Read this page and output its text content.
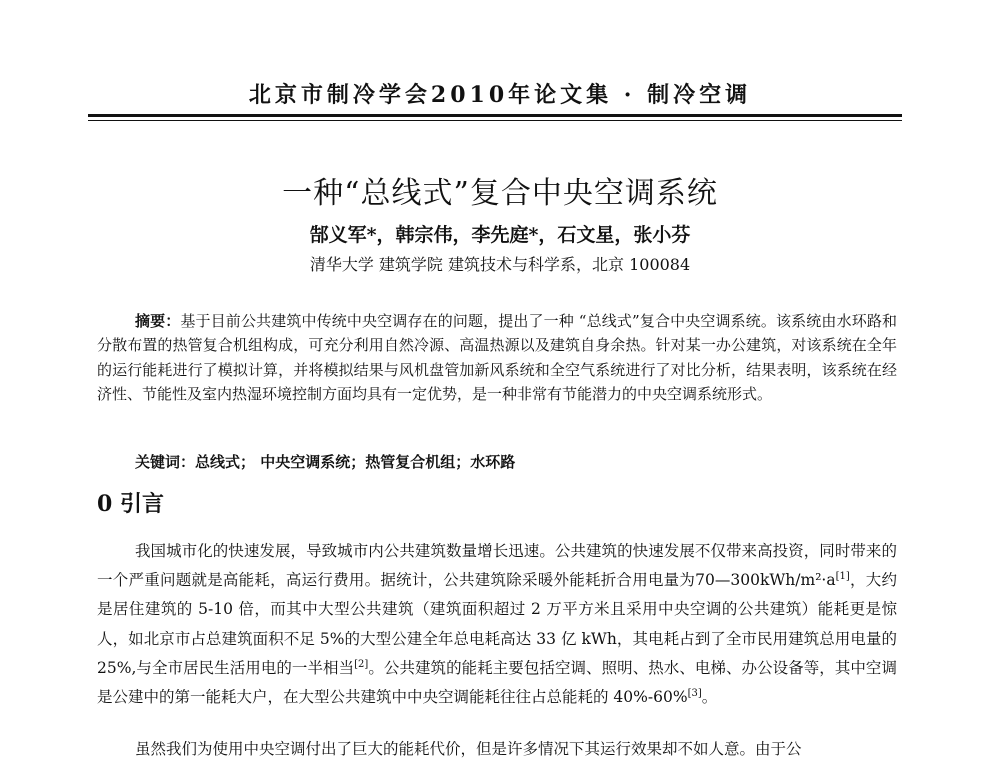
北京市制冷学会2010年论文集 · 制冷空调
一种“总线式”复合中央空调系统
郜义军*，韩宗伟，李先庭*，石文星，张小芬
清华大学 建筑学院 建筑技术与科学系，北京 100084
摘要：基于目前公共建筑中传统中央空调存在的问题，提出了一种 “总线式”复合中央空调系统。该系统由水环路和分散布置的热管复合机组构成，可充分利用自然冷源、高温热源以及建筑自身余热。针对某一办公建筑，对该系统在全年的运行能耗进行了模拟计算，并将模拟结果与风机盘管加新风系统和全空气系统进行了对比分析，结果表明，该系统在经济性、节能性及室内热湿环境控制方面均具有一定优势，是一种非常有节能潜力的中央空调系统形式。
关键词：总线式； 中央空调系统；热管复合机组；水环路
0 引言
我国城市化的快速发展，导致城市内公共建筑数量增长迅速。公共建筑的快速发展不仅带来高投资，同时带来的一个严重问题就是高能耗，高运行费用。据统计，公共建筑除采暖外能耗折合用电量为70—300kWh/m²·a[1]，大约是居住建筑的 5-10 倍，而其中大型公共建筑（建筑面积超过 2 万平方米且采用中央空调的公共建筑）能耗更是惊人，如北京市占总建筑面积不足 5%的大型公建全年总电耗高达 33 亿 kWh，其电耗占到了全市民用建筑总用电量的 25%,与全市居民生活用电的一半相当[2]。公共建筑的能耗主要包括空调、照明、热水、电梯、办公设备等，其中空调是公建中的第一能耗大户，在大型公共建筑中中央空调能耗往往占总能耗的 40%-60%[3]。
虽然我们为使用中央空调付出了巨大的能耗代价，但是许多情况下其运行效果却不如人意。由于公
